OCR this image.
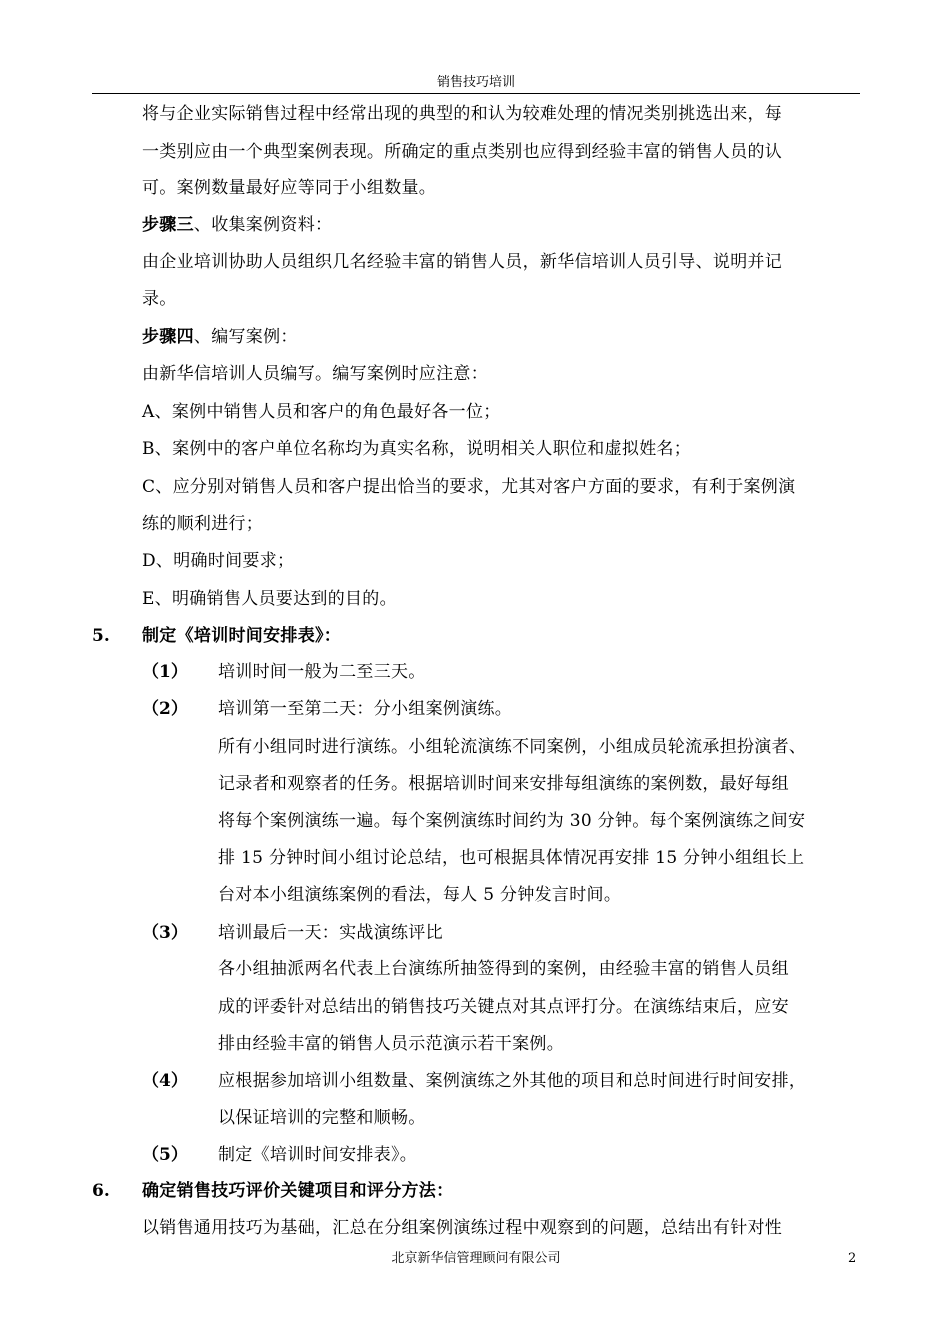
销售技巧培训
将与企业实际销售过程中经常出现的典型的和认为较难处理的情况类别挑选出来，每
一类别应由一个典型案例表现。所确定的重点类别也应得到经验丰富的销售人员的认
可。案例数量最好应等同于小组数量。
步骤三、收集案例资料：
由企业培训协助人员组织几名经验丰富的销售人员，新华信培训人员引导、说明并记
录。
步骤四、编写案例：
由新华信培训人员编写。编写案例时应注意：
A、案例中销售人员和客户的角色最好各一位；
B、案例中的客户单位名称均为真实名称，说明相关人职位和虚拟姓名；
C、应分别对销售人员和客户提出恰当的要求，尤其对客户方面的要求，有利于案例演
练的顺利进行；
D、明确时间要求；
E、明确销售人员要达到的目的。
5. 制定《培训时间安排表》：
（1） 培训时间一般为二至三天。
（2） 培训第一至第二天：分小组案例演练。
所有小组同时进行演练。小组轮流演练不同案例，小组成员轮流承担扮演者、
记录者和观察者的任务。根据培训时间来安排每组演练的案例数，最好每组
将每个案例演练一遍。每个案例演练时间约为 30 分钟。每个案例演练之间安
排 15 分钟时间小组讨论总结，也可根据具体情况再安排 15 分钟小组组长上
台对本小组演练案例的看法，每人 5 分钟发言时间。
（3） 培训最后一天：实战演练评比
各小组抽派两名代表上台演练所抽签得到的案例，由经验丰富的销售人员组
成的评委针对总结出的销售技巧关键点对其点评打分。在演练结束后，应安
排由经验丰富的销售人员示范演示若干案例。
（4） 应根据参加培训小组数量、案例演练之外其他的项目和总时间进行时间安排，
以保证培训的完整和顺畅。
（5） 制定《培训时间安排表》。
6. 确定销售技巧评价关键项目和评分方法：
以销售通用技巧为基础，汇总在分组案例演练过程中观察到的问题，总结出有针对性
北京新华信管理顾问有限公司	2
